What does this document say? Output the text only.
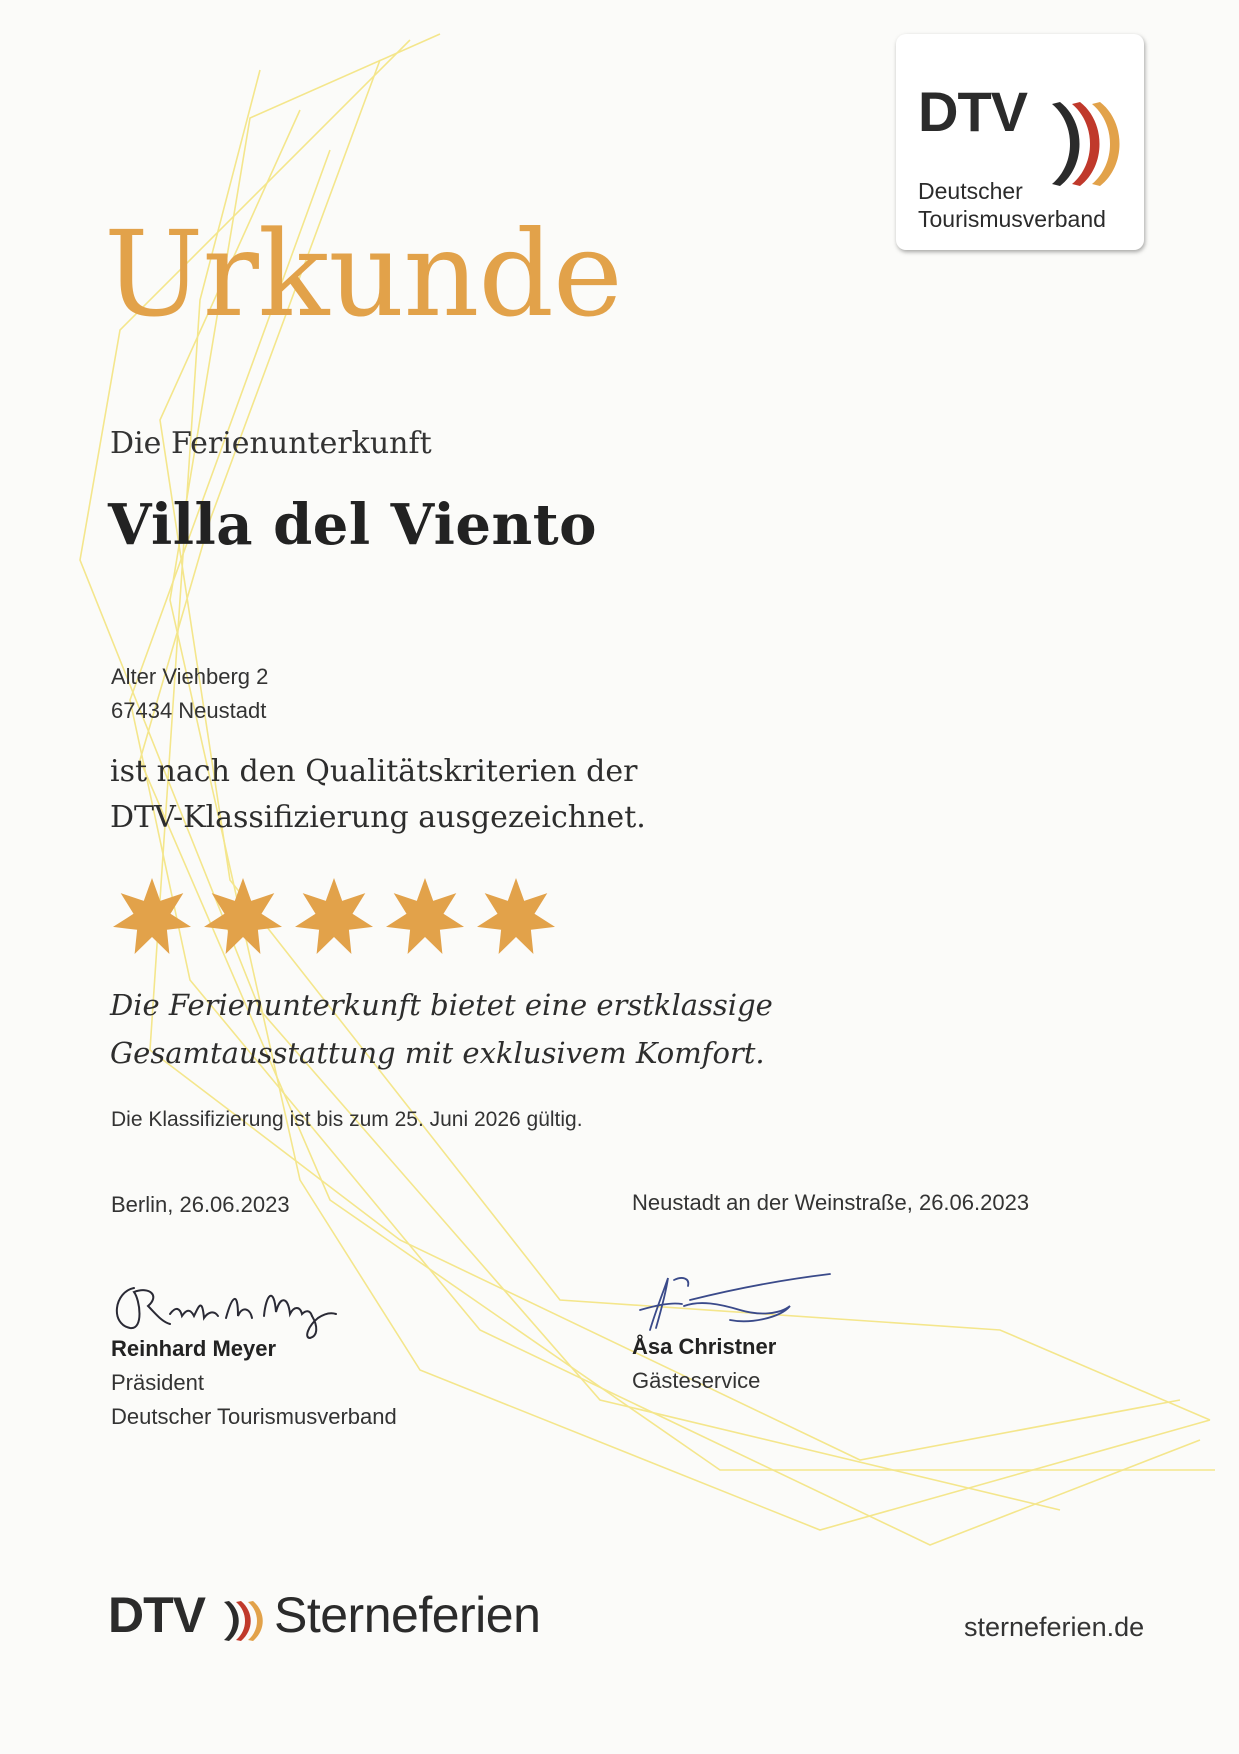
DTV
Deutscher
Tourismusverband
Urkunde
Die Ferienunterkunft
Villa del Viento
Alter Viehberg 2
67434 Neustadt
ist nach den Qualitätskriterien der
DTV-Klassifizierung ausgezeichnet.
Die Ferienunterkunft bietet eine erstklassige
Gesamtausstattung mit exklusivem Komfort.
Die Klassifizierung ist bis zum 25. Juni 2026 gültig.
Berlin, 26.06.2023	Neustadt an der Weinstraße, 26.06.2023
Reinhard Meyer
Präsident
Deutscher Tourismusverband
Åsa Christner
Gästeservice
DTV Sterneferien	sterneferien.de
